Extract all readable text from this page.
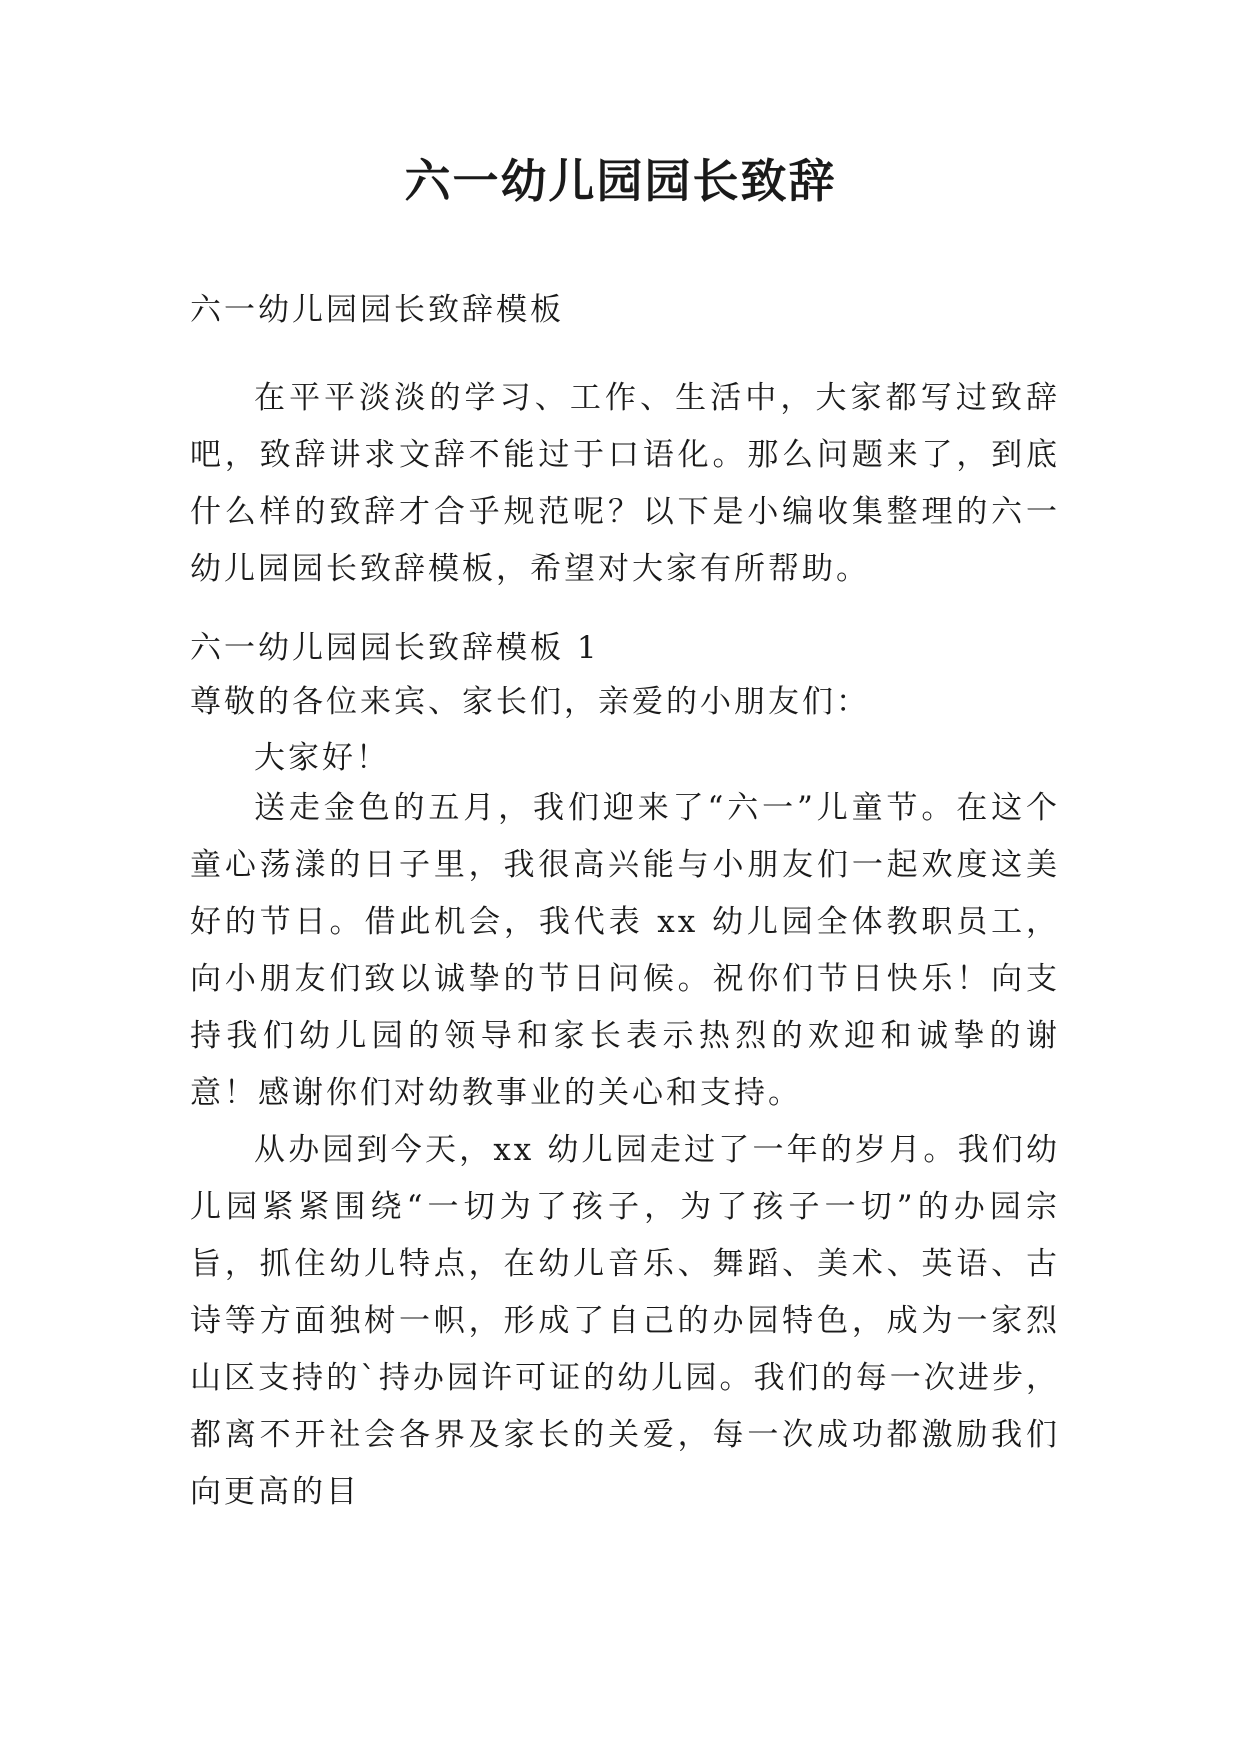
六一幼儿园园长致辞
六一幼儿园园长致辞模板

在平平淡淡的学习、工作、生活中，大家都写过致辞吧，致辞讲求文辞不能过于口语化。那么问题来了，到底什么样的致辞才合乎规范呢？以下是小编收集整理的六一幼儿园园长致辞模板，希望对大家有所帮助。

六一幼儿园园长致辞模板 1

尊敬的各位来宾、家长们，亲爱的小朋友们：

大家好！

送走金色的五月，我们迎来了“六一”儿童节。在这个童心荡漾的日子里，我很高兴能与小朋友们一起欢度这美好的节日。借此机会，我代表 xx 幼儿园全体教职员工，向小朋友们致以诚挚的节日问候。祝你们节日快乐！向支持我们幼儿园的领导和家长表示热烈的欢迎和诚挚的谢意！感谢你们对幼教事业的关心和支持。

从办园到今天，xx 幼儿园走过了一年的岁月。我们幼儿园紧紧围绕“一切为了孩子，为了孩子一切”的办园宗旨，抓住幼儿特点，在幼儿音乐、舞蹈、美术、英语、古诗等方面独树一帜，形成了自己的办园特色，成为一家烈山区支持的`持办园许可证的幼儿园。我们的每一次进步，都离不开社会各界及家长的关爱，每一次成功都激励我们向更高的目
